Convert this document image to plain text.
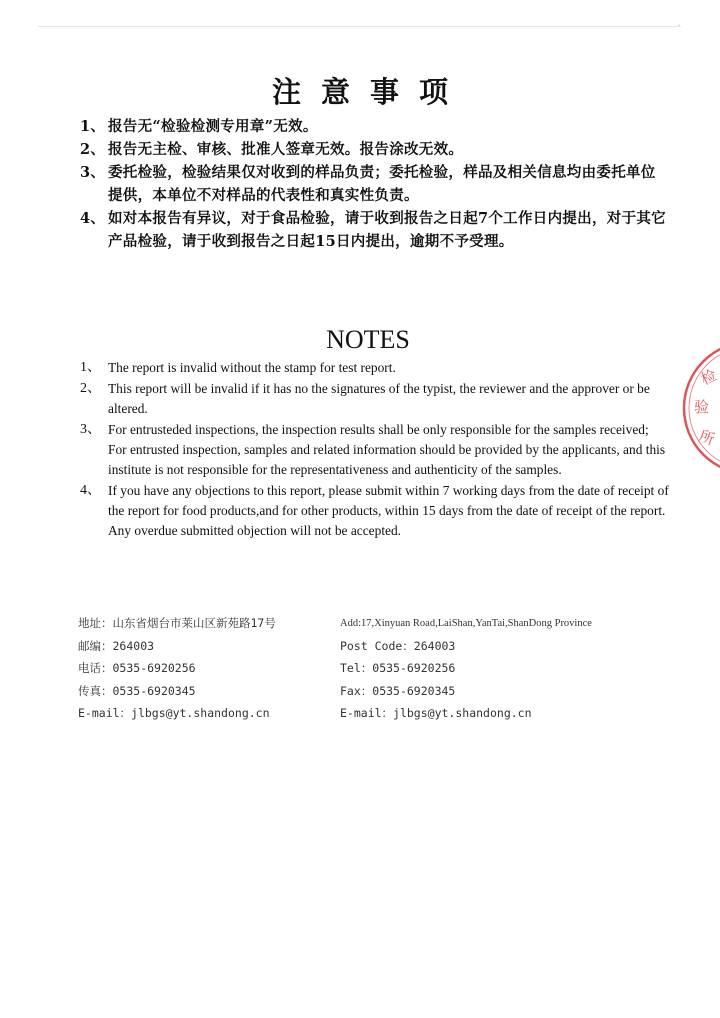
-
注意事项
1、 报告无“检验检测专用章”无效。
2、 报告无主检、审核、批准人签章无效。报告涂改无效。
3、 委托检验，检验结果仅对收到的样品负责；委托检验，样品及相关信息均由委托单位提供，本单位不对样品的代表性和真实性负责。
4、 如对本报告有异议，对于食品检验，请于收到报告之日起7个工作日内提出，对于其它产品检验，请于收到报告之日起15日内提出，逾期不予受理。
NOTES
1、 The report is invalid without the stamp for test report.
2、 This report will be invalid if it has no the signatures of the typist, the reviewer and the approver or be altered.
3、 For entrusteded inspections, the inspection results shall be only responsible for the samples received; For entrusted inspection, samples and related information should be provided by the applicants, and this institute is not responsible for the representativeness and authenticity of the samples.
4、 If you have any objections to this report, please submit within 7 working days from the date of receipt of the report for food products,and for other products, within 15 days from the date of receipt of the report. Any overdue submitted objection will not be accepted.
地址：山东省烟台市莱山区新苑路17号	Add:17,Xinyuan Road,LaiShan,YanTai,ShanDong Province
邮编：264003	Post Code：264003
电话：0535-6920256	Tel：0535-6920256
传真：0535-6920345	Fax：0535-6920345
E-mail：jlbgs@yt.shandong.cn	E-mail：jlbgs@yt.shandong.cn
检
验
所
